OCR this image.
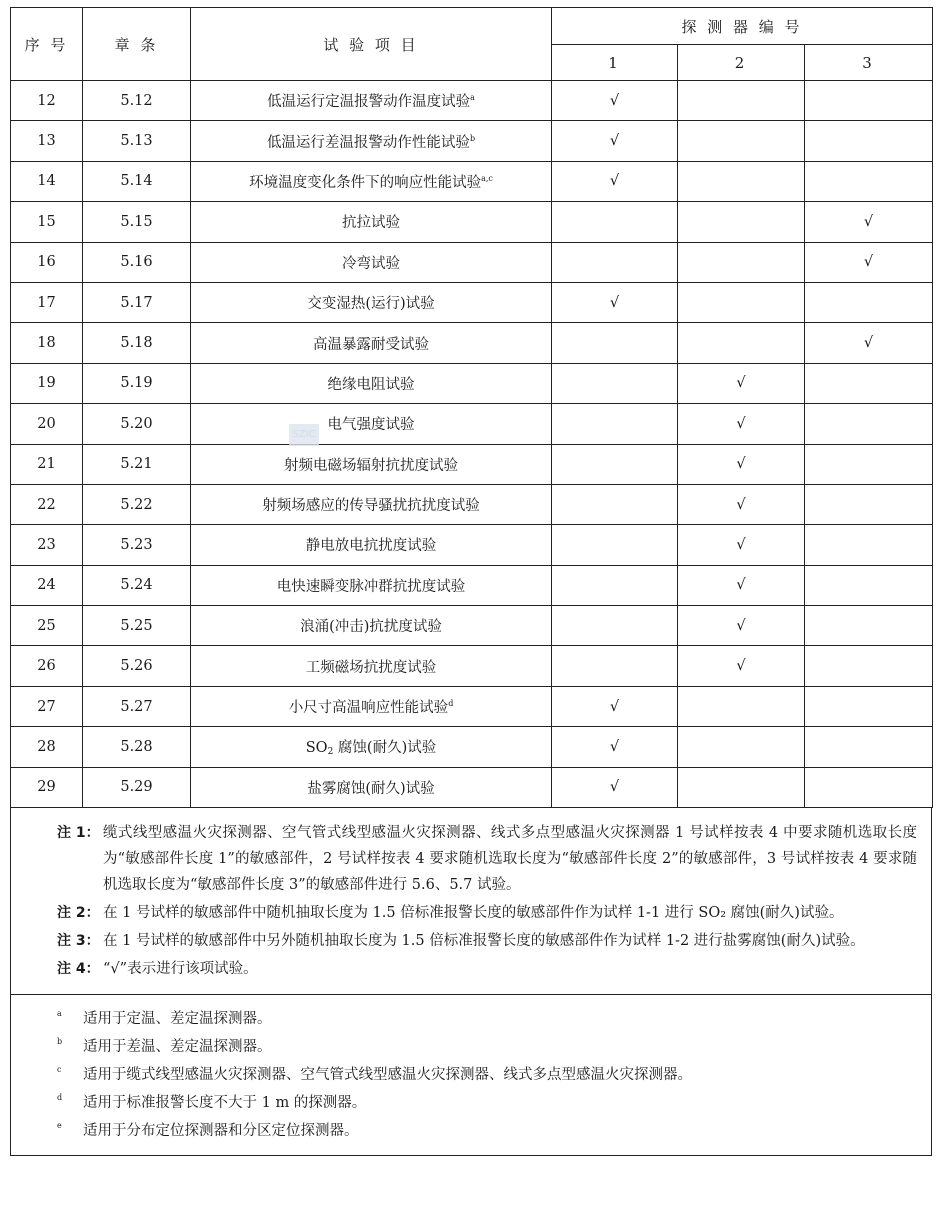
序 号	章 条	试 验 项 目	探 测 器 编 号		
			1	2	3
12	5.12	低温运行定温报警动作温度试验$^a$	√		
13	5.13	低温运行差温报警动作性能试验$^b$	√		
14	5.14	环境温度变化条件下的响应性能试验$^{a,c}$	√		
15	5.15	抗拉试验			√
16	5.16	冷弯试验			√
17	5.17	交变湿热(运行)试验	√		
18	5.18	高温暴露耐受试验			√
19	5.19	绝缘电阻试验		√	
20	5.20	电气强度试验		√	
21	5.21	射频电磁场辐射抗扰度试验		√	
22	5.22	射频场感应的传导骚扰抗扰度试验		√	
23	5.23	静电放电抗扰度试验		√	
24	5.24	电快速瞬变脉冲群抗扰度试验		√	
25	5.25	浪涌(冲击)抗扰度试验		√	
26	5.26	工频磁场抗扰度试验		√	
27	5.27	小尺寸高温响应性能试验$^d$	√		
28	5.28	$SO_2$ 腐蚀(耐久)试验	√		
29	5.29	盐雾腐蚀(耐久)试验	√		
注 1： 缆式线型感温火灾探测器、空气管式线型感温火灾探测器、线式多点型感温火灾探测器 1 号试样按表 4 中要求随机选取长度为“敏感部件长度 1”的敏感部件，2 号试样按表 4 要求随机选取长度为“敏感部件长度 2”的敏感部件，3 号试样按表 4 要求随机选取长度为“敏感部件长度 3”的敏感部件进行 5.6、5.7 试验。
注 2： 在 1 号试样的敏感部件中随机抽取长度为 1.5 倍标准报警长度的敏感部件作为试样 1-1 进行 SO₂ 腐蚀(耐久)试验。
注 3： 在 1 号试样的敏感部件中另外随机抽取长度为 1.5 倍标准报警长度的敏感部件作为试样 1-2 进行盐雾腐蚀(耐久)试验。
注 4： “√”表示进行该项试验。
a 适用于定温、差定温探测器。
b 适用于差温、差定温探测器。
c 适用于缆式线型感温火灾探测器、空气管式线型感温火灾探测器、线式多点型感温火灾探测器。
d 适用于标准报警长度不大于 1 m 的探测器。
e 适用于分布定位探测器和分区定位探测器。
SZIC
